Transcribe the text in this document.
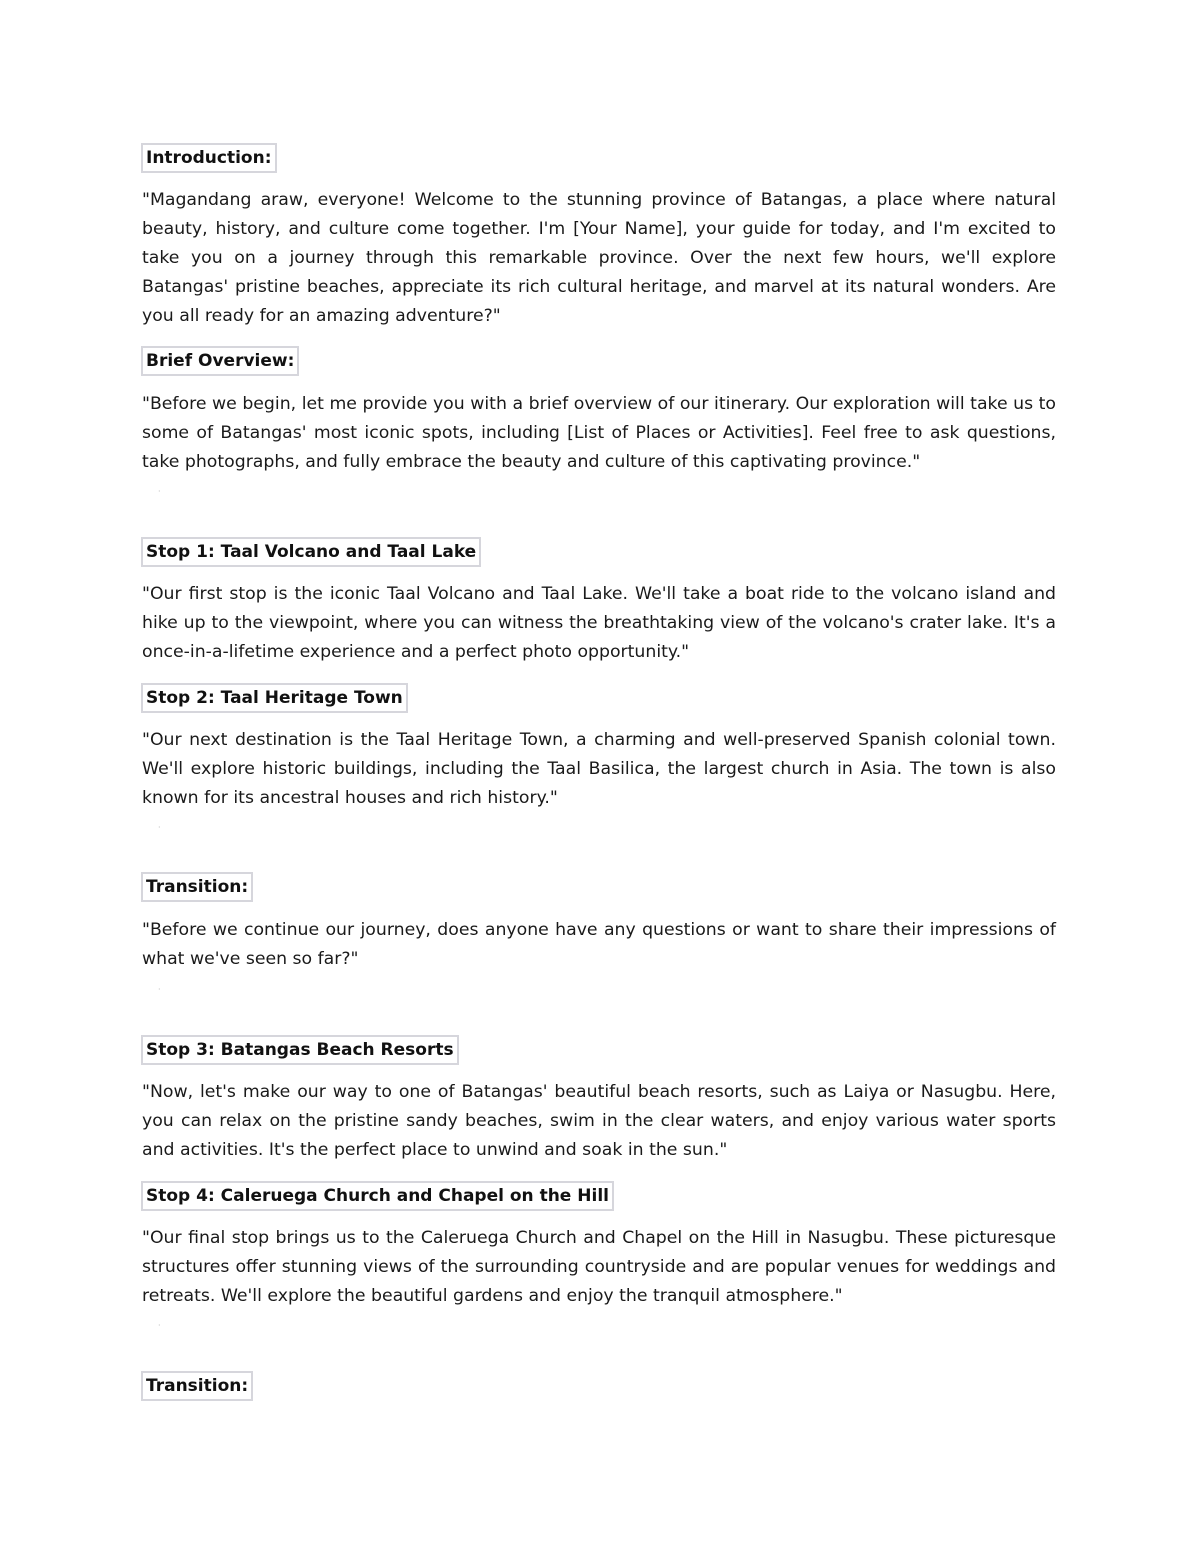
Introduction:

"Magandang araw, everyone! Welcome to the stunning province of Batangas, a place where natural beauty, history, and culture come together. I'm [Your Name], your guide for today, and I'm excited to take you on a journey through this remarkable province. Over the next few hours, we'll explore Batangas' pristine beaches, appreciate its rich cultural heritage, and marvel at its natural wonders. Are you all ready for an amazing adventure?"

Brief Overview:

"Before we begin, let me provide you with a brief overview of our itinerary. Our exploration will take us to some of Batangas' most iconic spots, including [List of Places or Activities]. Feel free to ask questions, take photographs, and fully embrace the beauty and culture of this captivating province."

·
Stop 1: Taal Volcano and Taal Lake

"Our first stop is the iconic Taal Volcano and Taal Lake. We'll take a boat ride to the volcano island and hike up to the viewpoint, where you can witness the breathtaking view of the volcano's crater lake. It's a once-in-a-lifetime experience and a perfect photo opportunity."

Stop 2: Taal Heritage Town

"Our next destination is the Taal Heritage Town, a charming and well-preserved Spanish colonial town. We'll explore historic buildings, including the Taal Basilica, the largest church in Asia. The town is also known for its ancestral houses and rich history."

·
Transition:

"Before we continue our journey, does anyone have any questions or want to share their impressions of what we've seen so far?"

·
Stop 3: Batangas Beach Resorts

"Now, let's make our way to one of Batangas' beautiful beach resorts, such as Laiya or Nasugbu. Here, you can relax on the pristine sandy beaches, swim in the clear waters, and enjoy various water sports and activities. It's the perfect place to unwind and soak in the sun."

Stop 4: Caleruega Church and Chapel on the Hill

"Our final stop brings us to the Caleruega Church and Chapel on the Hill in Nasugbu. These picturesque structures offer stunning views of the surrounding countryside and are popular venues for weddings and retreats. We'll explore the beautiful gardens and enjoy the tranquil atmosphere."

·
Transition:
